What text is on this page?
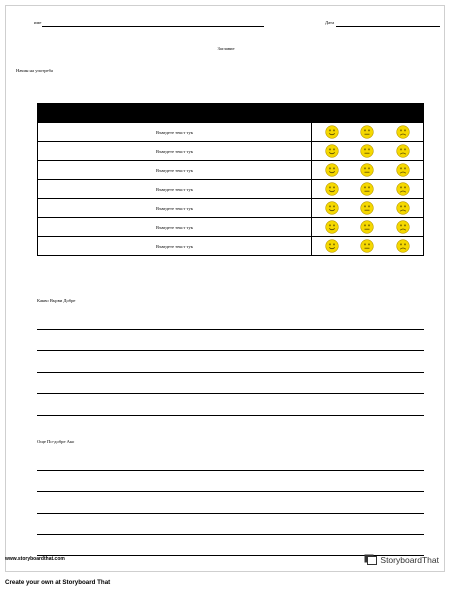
име	Дата
Заглавие
Начин на употреба
Въведете текст тук
Въведете текст тук
Въведете текст тук
Въведете текст тук
Въведете текст тук
Въведете текст тук
Въведете текст тук
Какво Върви Добре
Още По-добре Ако
www.storyboardthat.com	StoryboardThat
Create your own at Storyboard That
